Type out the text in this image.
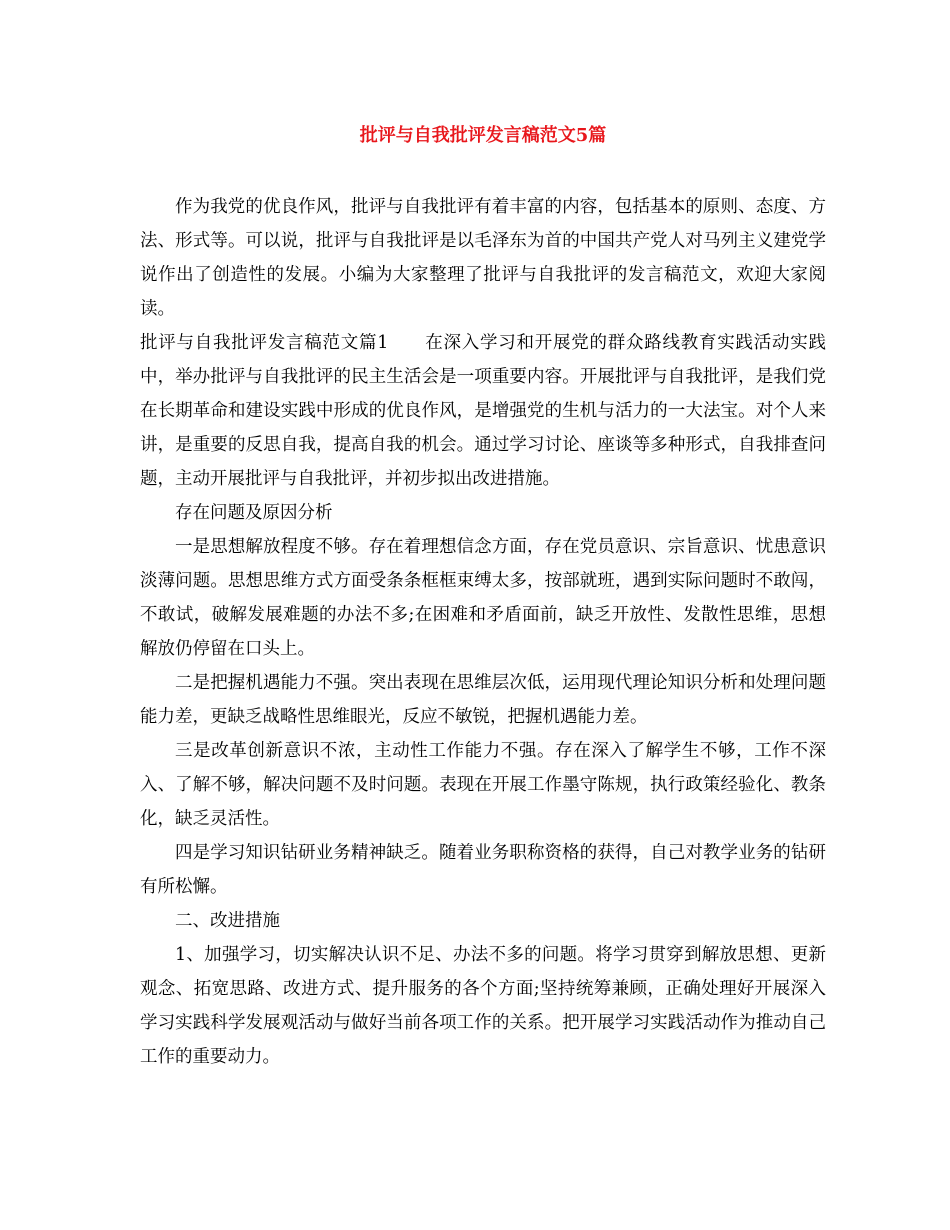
批评与自我批评发言稿范文5篇

作为我党的优良作风，批评与自我批评有着丰富的内容，包括基本的原则、态度、方法、形式等。可以说，批评与自我批评是以毛泽东为首的中国共产党人对马列主义建党学说作出了创造性的发展。小编为大家整理了批评与自我批评的发言稿范文，欢迎大家阅读。

批评与自我批评发言稿范文篇1 在深入学习和开展党的群众路线教育实践活动实践中，举办批评与自我批评的民主生活会是一项重要内容。开展批评与自我批评，是我们党在长期革命和建设实践中形成的优良作风，是增强党的生机与活力的一大法宝。对个人来讲，是重要的反思自我，提高自我的机会。通过学习讨论、座谈等多种形式，自我排查问题，主动开展批评与自我批评，并初步拟出改进措施。

存在问题及原因分析

一是思想解放程度不够。存在着理想信念方面，存在党员意识、宗旨意识、忧患意识淡薄问题。思想思维方式方面受条条框框束缚太多，按部就班，遇到实际问题时不敢闯，不敢试，破解发展难题的办法不多;在困难和矛盾面前，缺乏开放性、发散性思维，思想解放仍停留在口头上。

二是把握机遇能力不强。突出表现在思维层次低，运用现代理论知识分析和处理问题能力差，更缺乏战略性思维眼光，反应不敏锐，把握机遇能力差。

三是改革创新意识不浓，主动性工作能力不强。存在深入了解学生不够，工作不深入、了解不够，解决问题不及时问题。表现在开展工作墨守陈规，执行政策经验化、教条化，缺乏灵活性。

四是学习知识钻研业务精神缺乏。随着业务职称资格的获得，自己对教学业务的钻研有所松懈。

二、改进措施

1、加强学习，切实解决认识不足、办法不多的问题。将学习贯穿到解放思想、更新观念、拓宽思路、改进方式、提升服务的各个方面;坚持统筹兼顾，正确处理好开展深入学习实践科学发展观活动与做好当前各项工作的关系。把开展学习实践活动作为推动自己工作的重要动力。
